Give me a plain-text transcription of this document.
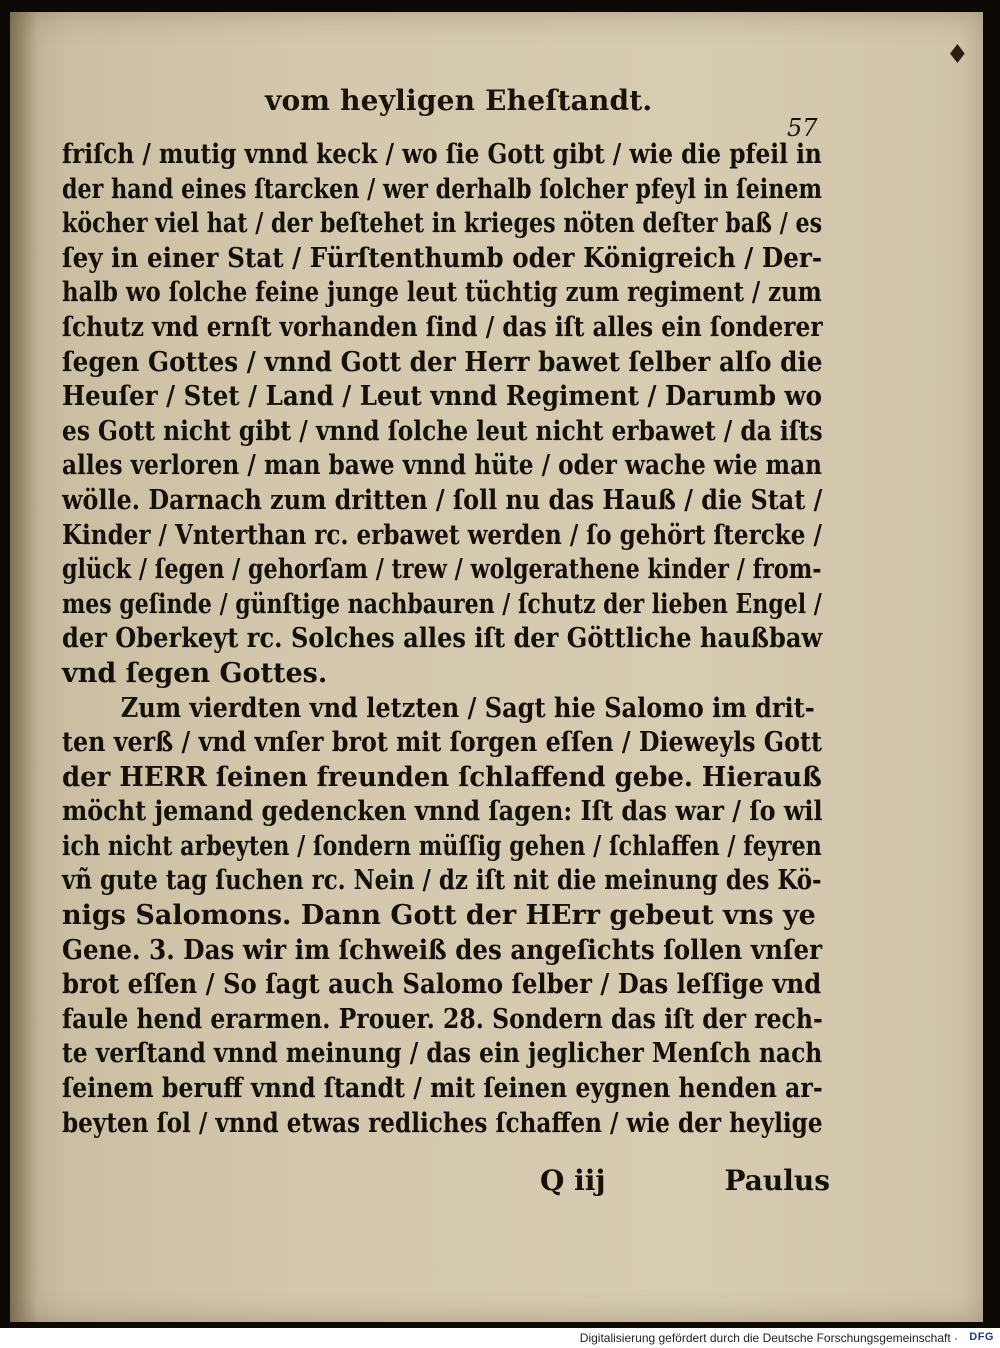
♦
vom heyligen Eheſtandt.
57
friſch / mutig vnnd keck / wo ſie Gott gibt / wie die pfeil in
der hand eines ſtarcken / wer derhalb ſolcher pfeyl in ſeinem
köcher viel hat / der beſtehet in krieges nöten deſter baß / es
ſey in einer Stat / Fürſtenthumb oder Königreich / Der-
halb wo ſolche feine junge leut tüchtig zum regiment / zum
ſchutz vnd ernſt vorhanden ſind / das iſt alles ein ſonderer
ſegen Gottes / vnnd Gott der Herr bawet ſelber alſo die
Heuſer / Stet / Land / Leut vnnd Regiment / Darumb wo
es Gott nicht gibt / vnnd ſolche leut nicht erbawet / da iſts
alles verloren / man bawe vnnd hüte / oder wache wie man
wölle. Darnach zum dritten / ſoll nu das Hauß / die Stat /
Kinder / Vnterthan rc. erbawet werden / ſo gehört ſtercke /
glück / ſegen / gehorſam / trew / wolgerathene kinder / from-
mes geſinde / günſtige nachbauren / ſchutz der lieben Engel /
der Oberkeyt rc. Solches alles iſt der Göttliche haußbaw
vnd ſegen Gottes.
Zum vierdten vnd letzten / Sagt hie Salomo im drit-
ten verß / vnd vnſer brot mit ſorgen eſſen / Dieweyls Gott
der HERR ſeinen freunden ſchlaffend gebe. Hierauß
möcht jemand gedencken vnnd ſagen: Iſt das war / ſo wil
ich nicht arbeyten / ſondern müſſig gehen / ſchlaffen / feyren
vñ gute tag ſuchen rc. Nein / dz iſt nit die meinung des Kö-
nigs Salomons. Dann Gott der HErr gebeut vns ye
Gene. 3. Das wir im ſchweiß des angeſichts ſollen vnſer
brot eſſen / So ſagt auch Salomo ſelber / Das leſſige vnd
faule hend erarmen. Prouer. 28. Sondern das iſt der rech-
te verſtand vnnd meinung / das ein jeglicher Menſch nach
ſeinem beruff vnnd ſtandt / mit ſeinen eygnen henden ar-
beyten ſol / vnnd etwas redliches ſchaffen / wie der heylige
Q iij	Paulus
Digitalisierung gefördert durch die Deutsche Forschungsgemeinschaft · DFG
